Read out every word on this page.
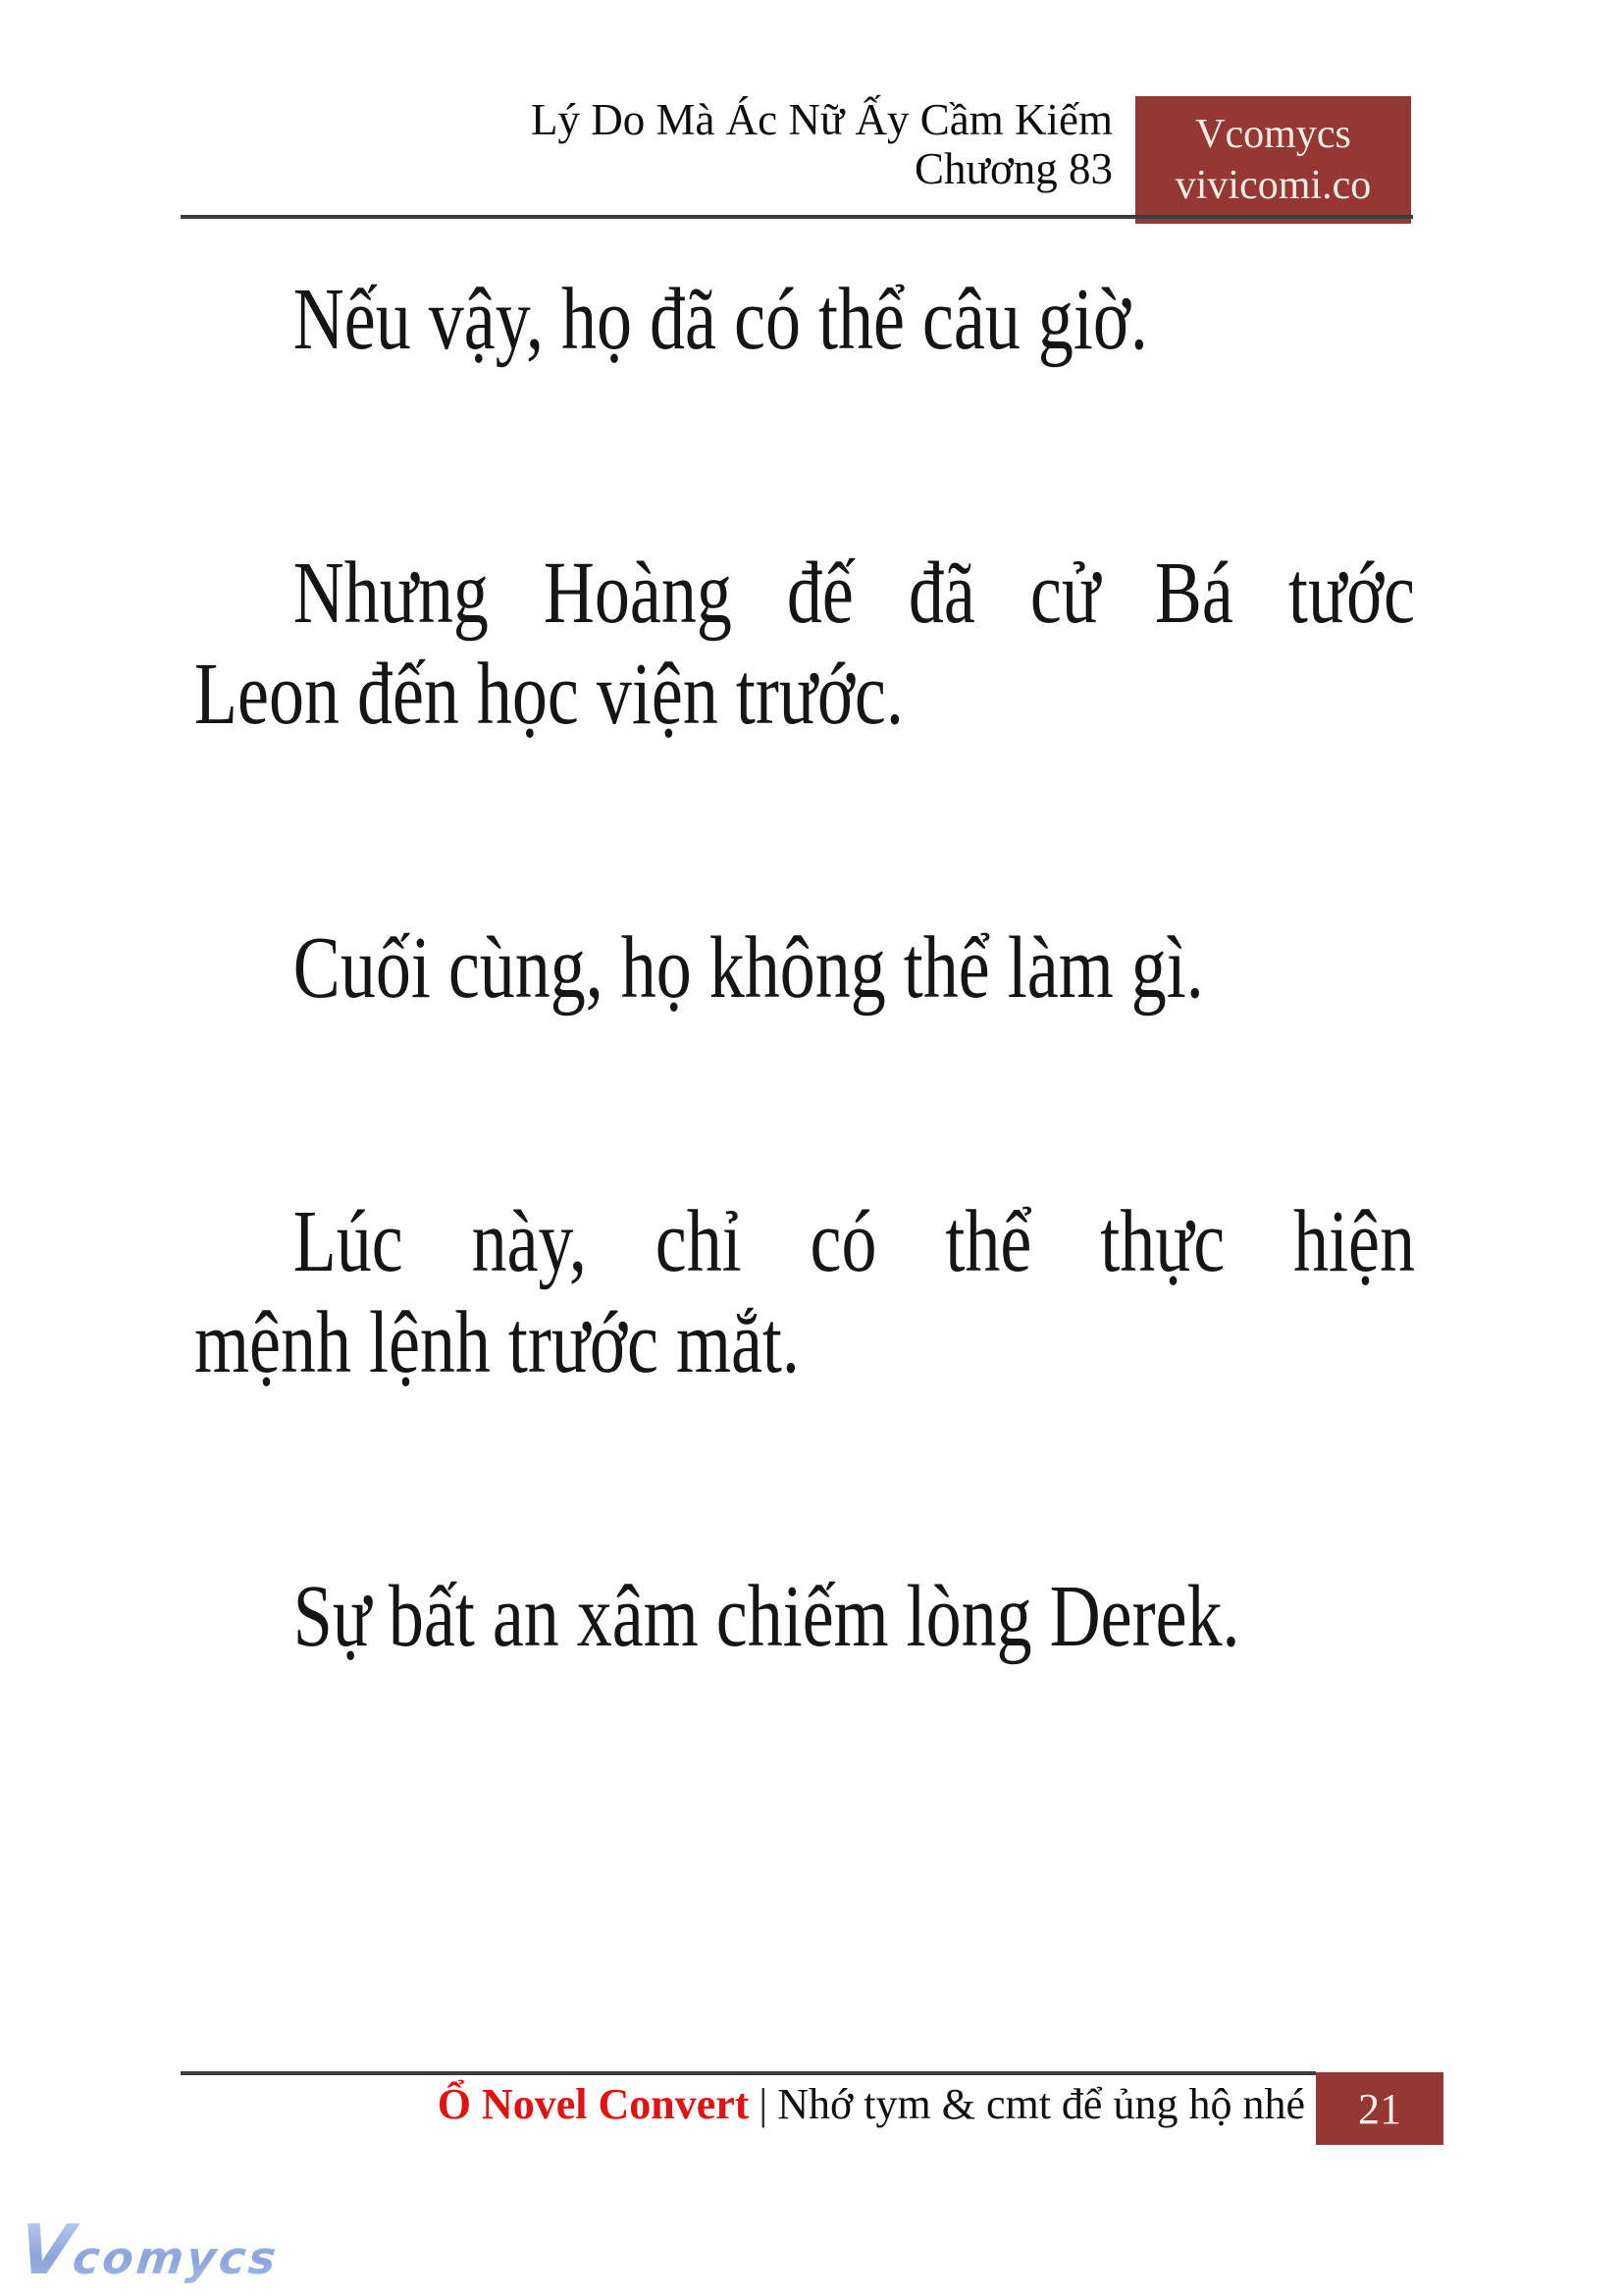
Lý Do Mà Ác Nữ Ấy Cầm Kiếm
Chương 83
Vcomycs
vivicomi.co
Nếu vậy, họ đã có thể câu giờ.
Nhưng Hoàng đế đã cử Bá tước
Leon đến học viện trước.
Cuối cùng, họ không thể làm gì.
Lúc này, chỉ có thể thực hiện
mệnh lệnh trước mắt.
Sự bất an xâm chiếm lòng Derek.
Ổ Novel Convert | Nhớ tym & cmt để ủng hộ nhé 21
Vcomycs
